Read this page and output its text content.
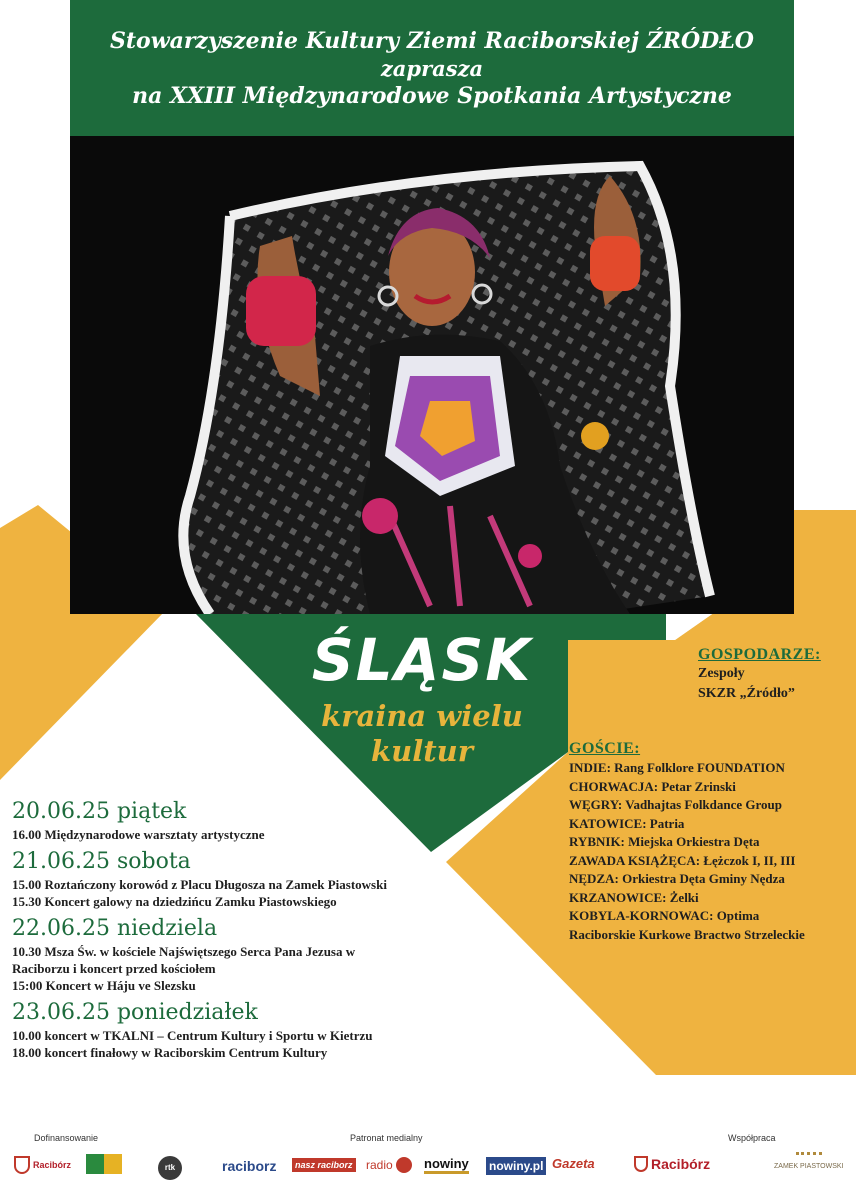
Stowarzyszenie Kultury Ziemi Raciborskiej ŹRÓDŁO
zaprasza
na XXIII Międzynarodowe Spotkania Artystyczne
ŚLĄSK
kraina wielu
kultur
20.06.25 piątek
16.00 Międzynarodowe warsztaty artystyczne
21.06.25 sobota
15.00 Roztańczony korowód z Placu Długosza na Zamek Piastowski
15.30 Koncert galowy na dziedzińcu Zamku Piastowskiego
22.06.25 niedziela
10.30 Msza Św. w kościele Najświętszego Serca Pana Jezusa w
Raciborzu i koncert przed kościołem
15:00 Koncert w Háju ve Slezsku
23.06.25 poniedziałek
10.00 koncert w TKALNI – Centrum Kultury i Sportu w Kietrzu
18.00 koncert finałowy w Raciborskim Centrum Kultury
GOSPODARZE:
Zespoły
SKZR „Źródło”
GOŚCIE:
INDIE: Rang Folklore FOUNDATION
CHORWACJA: Petar Zrinski
WĘGRY: Vadhajtas Folkdance Group
KATOWICE: Patria
RYBNIK: Miejska Orkiestra Dęta
ZAWADA KSIĄŻĘCA: Łężczok I, II, III
NĘDZA: Orkiestra Dęta Gminy Nędza
KRZANOWICE: Żelki
KOBYLA-KORNOWAC: Optima
Raciborskie Kurkowe Bractwo Strzeleckie
Dofinansowanie	Patronat medialny	Współpraca
Racibórz	rtk	raciborz	nasz raciborz radio nowiny nowiny.pl Gazeta	Racibórz	ZAMEK PIASTOWSKI
